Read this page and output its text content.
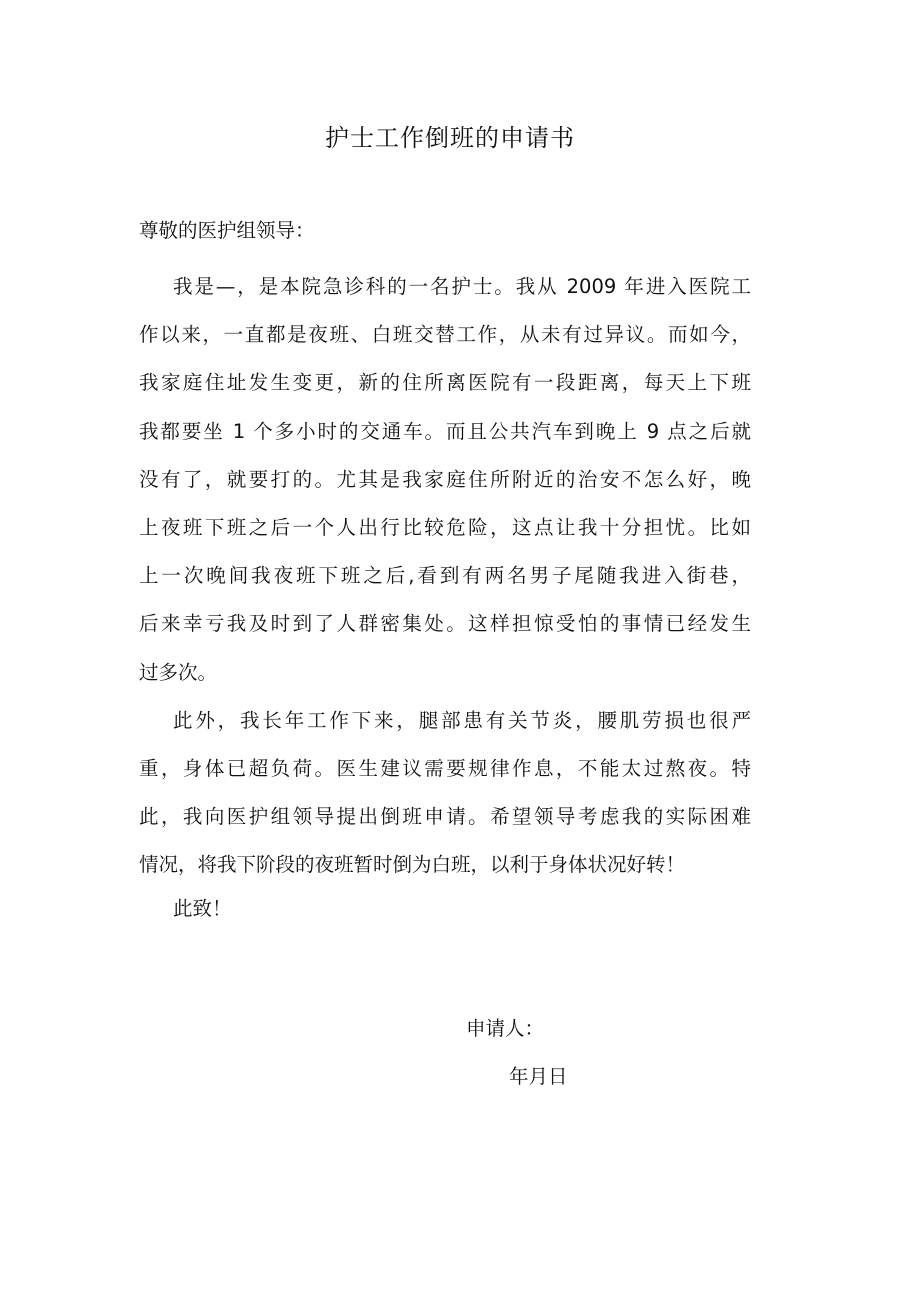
护士工作倒班的申请书
尊敬的医护组领导：
我是—，是本院急诊科的一名护士。我从 2009 年进入医院工
作以来，一直都是夜班、白班交替工作，从未有过异议。而如今，
我家庭住址发生变更，新的住所离医院有一段距离，每天上下班
我都要坐 1 个多小时的交通车。而且公共汽车到晚上 9 点之后就
没有了，就要打的。尤其是我家庭住所附近的治安不怎么好，晚
上夜班下班之后一个人出行比较危险，这点让我十分担忧。比如
上一次晚间我夜班下班之后,看到有两名男子尾随我进入街巷，
后来幸亏我及时到了人群密集处。这样担惊受怕的事情已经发生
过多次。
此外，我长年工作下来，腿部患有关节炎，腰肌劳损也很严
重，身体已超负荷。医生建议需要规律作息，不能太过熬夜。特
此，我向医护组领导提出倒班申请。希望领导考虑我的实际困难
情况，将我下阶段的夜班暂时倒为白班，以利于身体状况好转！
此致！
申请人：
年月日
